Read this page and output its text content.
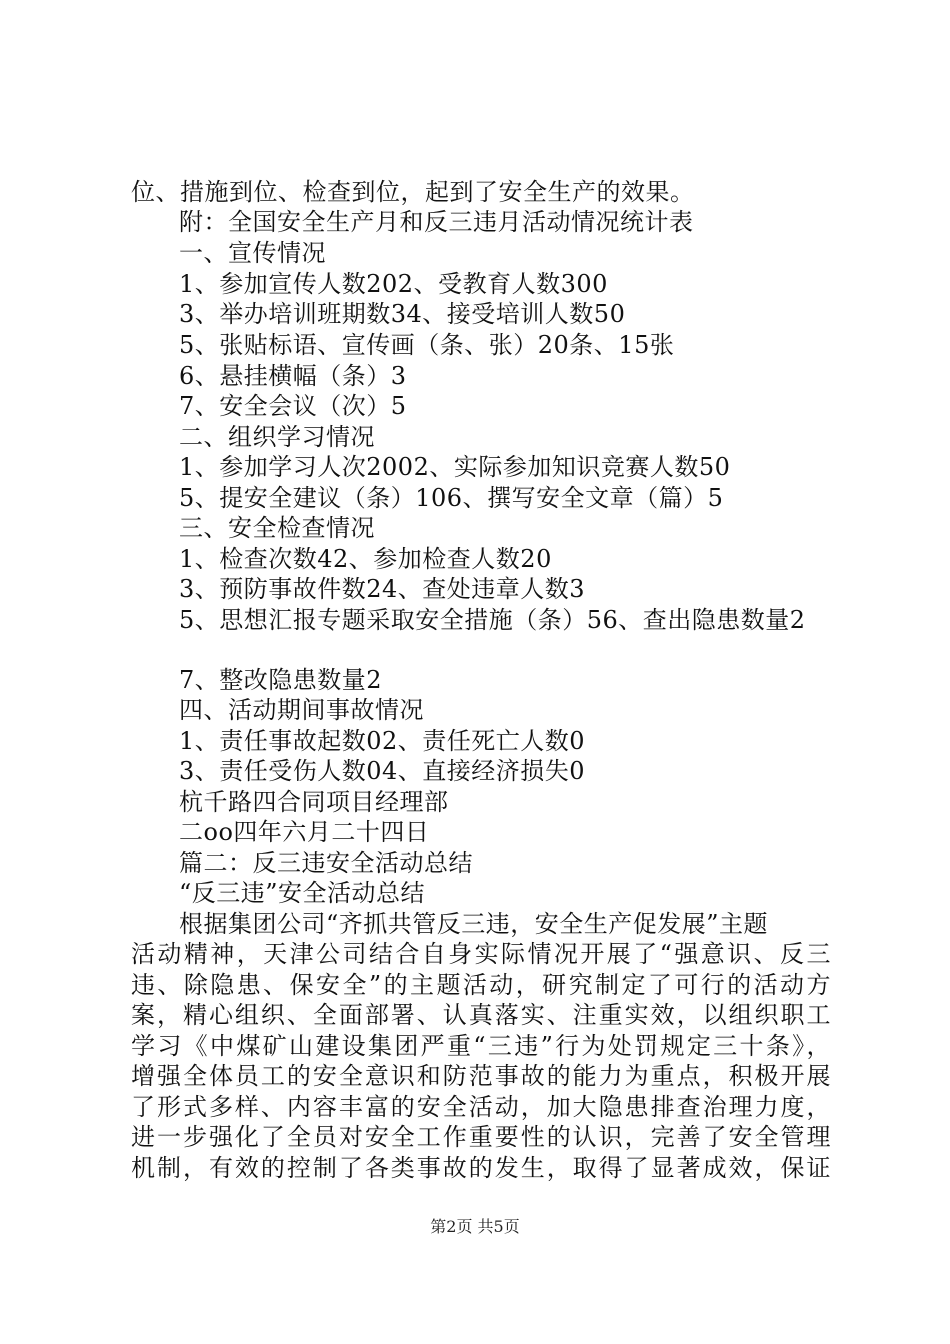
位、措施到位、检查到位，起到了安全生产的效果。
附：全国安全生产月和反三违月活动情况统计表
一、宣传情况
1、参加宣传人数202、受教育人数300
3、举办培训班期数34、接受培训人数50
5、张贴标语、宣传画（条、张）20条、15张
6、悬挂横幅（条）3
7、安全会议（次）5
二、组织学习情况
1、参加学习人次2002、实际参加知识竞赛人数50
5、提安全建议（条）106、撰写安全文章（篇）5
三、安全检查情况
1、检查次数42、参加检查人数20
3、预防事故件数24、查处违章人数3
5、思想汇报专题采取安全措施（条）56、查出隐患数量2
7、整改隐患数量2
四、活动期间事故情况
1、责任事故起数02、责任死亡人数0
3、责任受伤人数04、直接经济损失0
杭千路四合同项目经理部
二oo四年六月二十四日
篇二：反三违安全活动总结
“反三违”安全活动总结
根据集团公司“齐抓共管反三违，安全生产促发展”主题
活动精神，天津公司结合自身实际情况开展了“强意识、反三
违、除隐患、保安全”的主题活动，研究制定了可行的活动方
案，精心组织、全面部署、认真落实、注重实效，以组织职工
学习《中煤矿山建设集团严重“三违”行为处罚规定三十条》，
增强全体员工的安全意识和防范事故的能力为重点，积极开展
了形式多样、内容丰富的安全活动，加大隐患排查治理力度，
进一步强化了全员对安全工作重要性的认识，完善了安全管理
机制，有效的控制了各类事故的发生，取得了显著成效，保证
第2页 共5页
